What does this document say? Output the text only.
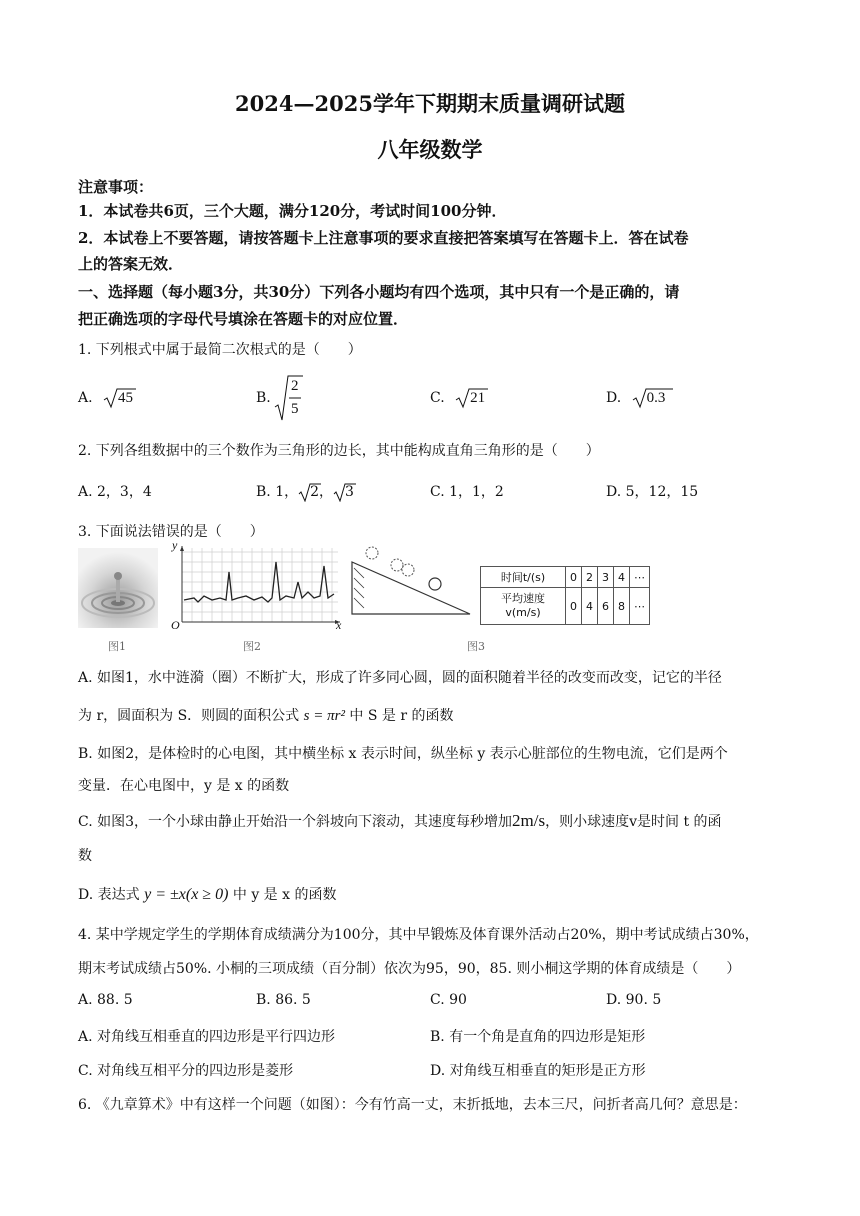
2024—2025学年下期期末质量调研试题
八年级数学
注意事项：
1．本试卷共6页，三个大题，满分120分，考试时间100分钟．
2．本试卷上不要答题，请按答题卡上注意事项的要求直接把答案填写在答题卡上．答在试卷
上的答案无效．
一、选择题（每小题3分，共30分）下列各小题均有四个选项，其中只有一个是正确的，请
把正确选项的字母代号填涂在答题卡的对应位置．
1. 下列根式中属于最简二次根式的是（　　）
A. 45	B.
2
5
C. 21	D. 0.3
2. 下列各组数据中的三个数作为三角形的边长，其中能构成直角三角形的是（　　）
A. 2，3，4	B. 1， 2， 3	C. 1，1，2	D. 5，12，15
3. 下面说法错误的是（　　）
图1
y
x
O
图2	图3
时间t/(s)	0	2	3	4	⋯

平均速度
v(m/s)	0	4	6	8	⋯
A. 如图1，水中涟漪（圈）不断扩大，形成了许多同心圆，圆的面积随着半径的改变而改变，记它的半径
为 r，圆面积为 S．则圆的面积公式 s = πr² 中 S 是 r 的函数
B. 如图2，是体检时的心电图，其中横坐标 x 表示时间，纵坐标 y 表示心脏部位的生物电流，它们是两个
变量．在心电图中，y 是 x 的函数
C. 如图3，一个小球由静止开始沿一个斜坡向下滚动，其速度每秒增加2m/s，则小球速度v是时间 t 的函
数
D. 表达式 y = ±x(x ≥ 0) 中 y 是 x 的函数
4. 某中学规定学生的学期体育成绩满分为100分，其中早锻炼及体育课外活动占20%，期中考试成绩占30%，
期末考试成绩占50%. 小桐的三项成绩（百分制）依次为95，90，85. 则小桐这学期的体育成绩是（　　）
A. 88. 5	B. 86. 5	C. 90	D. 90. 5
A. 对角线互相垂直的四边形是平行四边形	B. 有一个角是直角的四边形是矩形
C. 对角线互相平分的四边形是菱形	D. 对角线互相垂直的矩形是正方形
6. 《九章算术》中有这样一个问题（如图）：今有竹高一丈，末折抵地，去本三尺，问折者高几何？意思是：
